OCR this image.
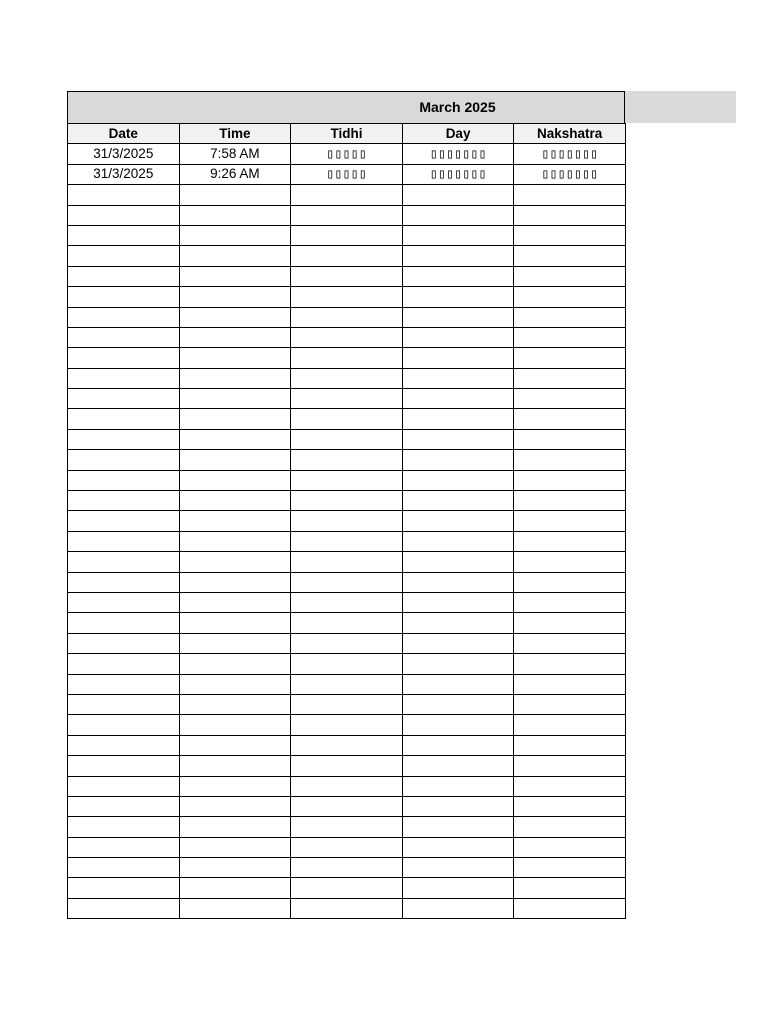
March 2025
Date	Time	Tidhi	Day	Nakshatra
31/3/2025	7:58 AM	▯▯▯▯▯	▯▯▯▯▯▯▯	▯▯▯▯▯▯▯
31/3/2025	9:26 AM	▯▯▯▯▯	▯▯▯▯▯▯▯	▯▯▯▯▯▯▯
